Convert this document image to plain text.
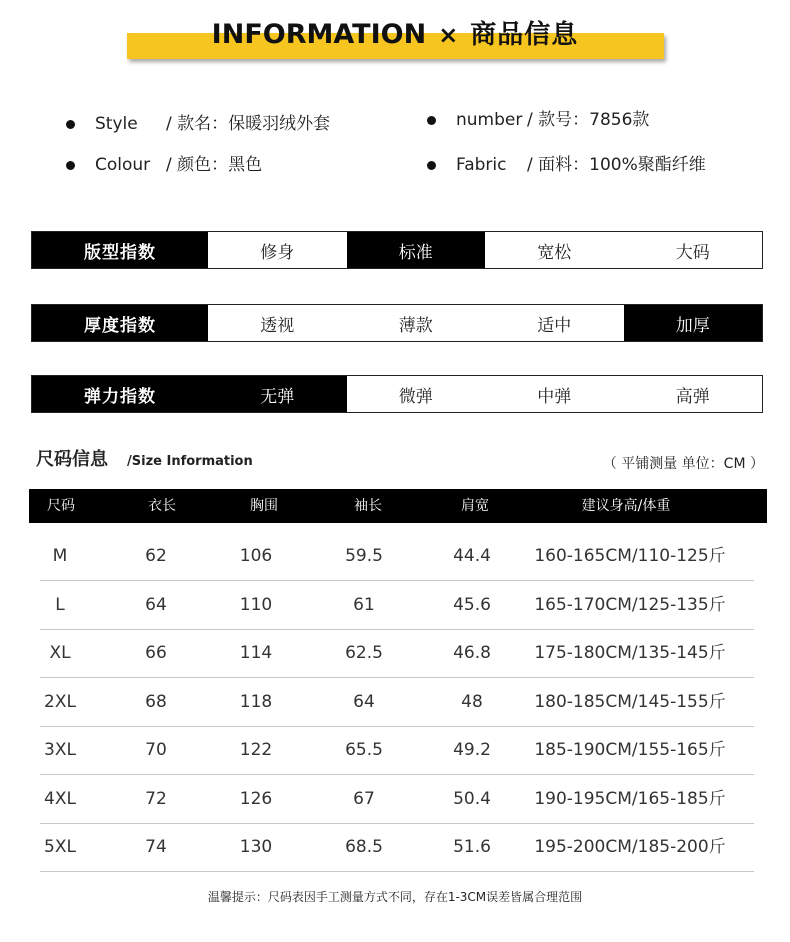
INFORMATION × 商品信息
Style / 款名：保暖羽绒外套	number / 款号：7856款
Colour / 颜色：黑色	Fabric / 面料：100%聚酯纤维
版型指数	修身	标准	宽松	大码
厚度指数	透视	薄款	适中	加厚
弹力指数	无弹	微弹	中弹	高弹
尺码信息 /Size Information	（ 平铺测量 单位：CM ）
尺码	衣长	胸围	袖长	肩宽	建议身高/体重
M	62	106	59.5	44.4	160-165CM/110-125斤
L	64	110	61	45.6	165-170CM/125-135斤
XL	66	114	62.5	46.8	175-180CM/135-145斤
2XL	68	118	64	48	180-185CM/145-155斤
3XL	70	122	65.5	49.2	185-190CM/155-165斤
4XL	72	126	67	50.4	190-195CM/165-185斤
5XL	74	130	68.5	51.6	195-200CM/185-200斤
温馨提示：尺码表因手工测量方式不同，存在1-3CM误差皆属合理范围
